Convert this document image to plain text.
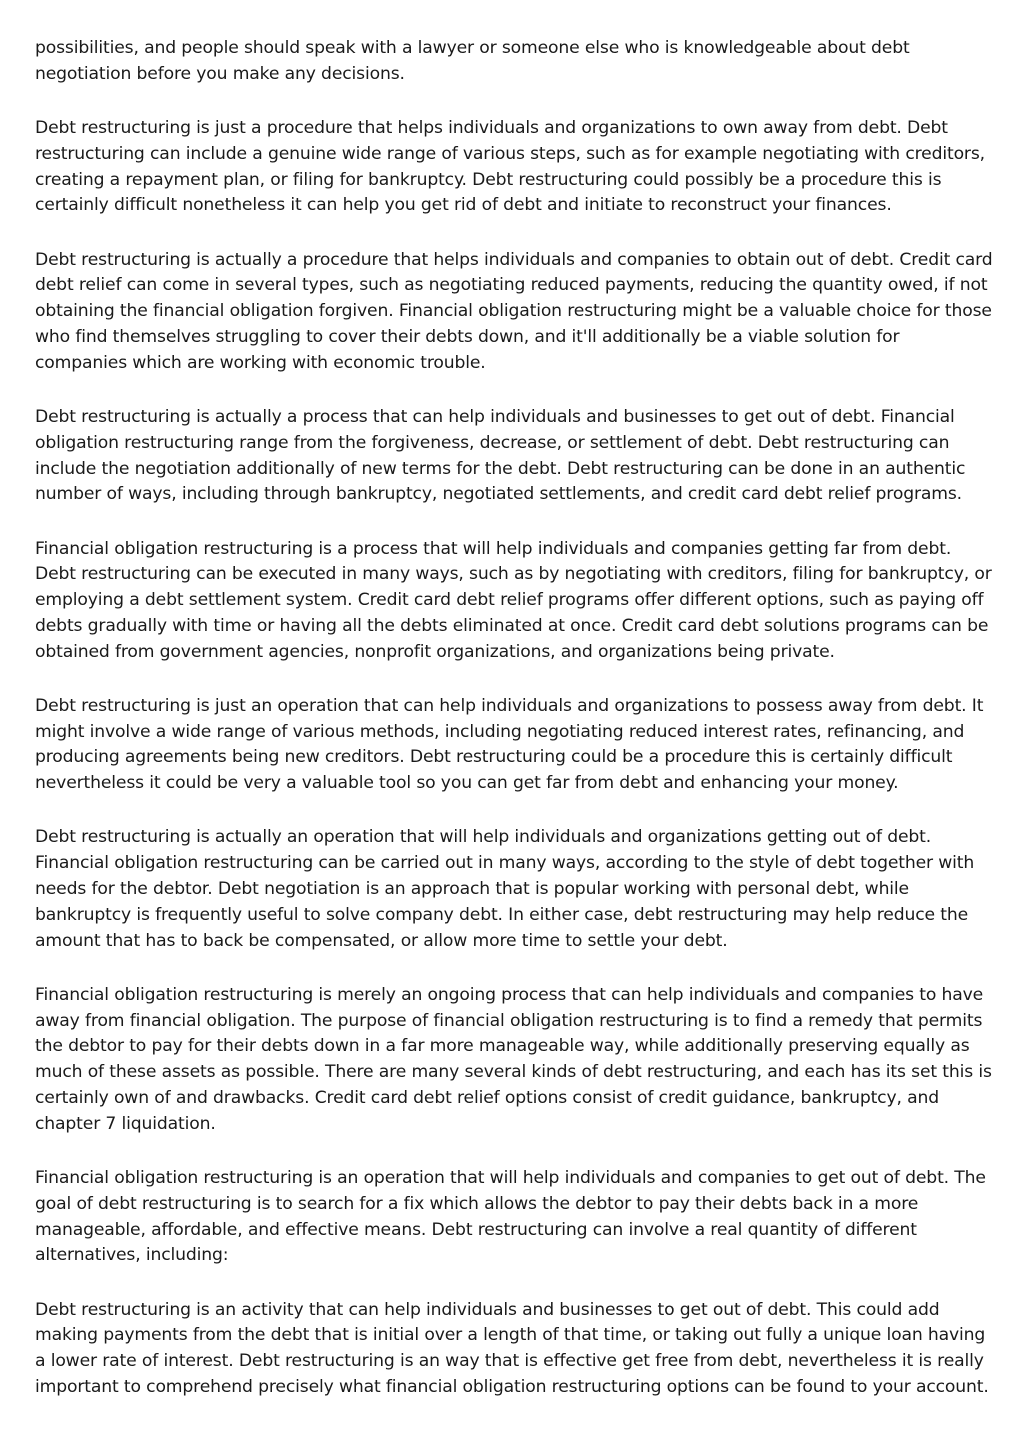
possibilities, and people should speak with a lawyer or someone else who is knowledgeable about debt negotiation before you make any decisions.

Debt restructuring is just a procedure that helps individuals and organizations to own away from debt. Debt restructuring can include a genuine wide range of various steps, such as for example negotiating with creditors, creating a repayment plan, or filing for bankruptcy. Debt restructuring could possibly be a procedure this is certainly difficult nonetheless it can help you get rid of debt and initiate to reconstruct your finances.

Debt restructuring is actually a procedure that helps individuals and companies to obtain out of debt. Credit card debt relief can come in several types, such as negotiating reduced payments, reducing the quantity owed, if not obtaining the financial obligation forgiven. Financial obligation restructuring might be a valuable choice for those who find themselves struggling to cover their debts down, and it'll additionally be a viable solution for companies which are working with economic trouble.

Debt restructuring is actually a process that can help individuals and businesses to get out of debt. Financial obligation restructuring range from the forgiveness, decrease, or settlement of debt. Debt restructuring can include the negotiation additionally of new terms for the debt. Debt restructuring can be done in an authentic number of ways, including through bankruptcy, negotiated settlements, and credit card debt relief programs.

Financial obligation restructuring is a process that will help individuals and companies getting far from debt. Debt restructuring can be executed in many ways, such as by negotiating with creditors, filing for bankruptcy, or employing a debt settlement system. Credit card debt relief programs offer different options, such as paying off debts gradually with time or having all the debts eliminated at once. Credit card debt solutions programs can be obtained from government agencies, nonprofit organizations, and organizations being private.

Debt restructuring is just an operation that can help individuals and organizations to possess away from debt. It might involve a wide range of various methods, including negotiating reduced interest rates, refinancing, and producing agreements being new creditors. Debt restructuring could be a procedure this is certainly difficult nevertheless it could be very a valuable tool so you can get far from debt and enhancing your money.

Debt restructuring is actually an operation that will help individuals and organizations getting out of debt. Financial obligation restructuring can be carried out in many ways, according to the style of debt together with needs for the debtor. Debt negotiation is an approach that is popular working with personal debt, while bankruptcy is frequently useful to solve company debt. In either case, debt restructuring may help reduce the amount that has to back be compensated, or allow more time to settle your debt.

Financial obligation restructuring is merely an ongoing process that can help individuals and companies to have away from financial obligation. The purpose of financial obligation restructuring is to find a remedy that permits the debtor to pay for their debts down in a far more manageable way, while additionally preserving equally as much of these assets as possible. There are many several kinds of debt restructuring, and each has its set this is certainly own of and drawbacks. Credit card debt relief options consist of credit guidance, bankruptcy, and chapter 7 liquidation.

Financial obligation restructuring is an operation that will help individuals and companies to get out of debt. The goal of debt restructuring is to search for a fix which allows the debtor to pay their debts back in a more manageable, affordable, and effective means. Debt restructuring can involve a real quantity of different alternatives, including:

Debt restructuring is an activity that can help individuals and businesses to get out of debt. This could add making payments from the debt that is initial over a length of that time, or taking out fully a unique loan having a lower rate of interest. Debt restructuring is an way that is effective get free from debt, nevertheless it is really important to comprehend precisely what financial obligation restructuring options can be found to your account.
